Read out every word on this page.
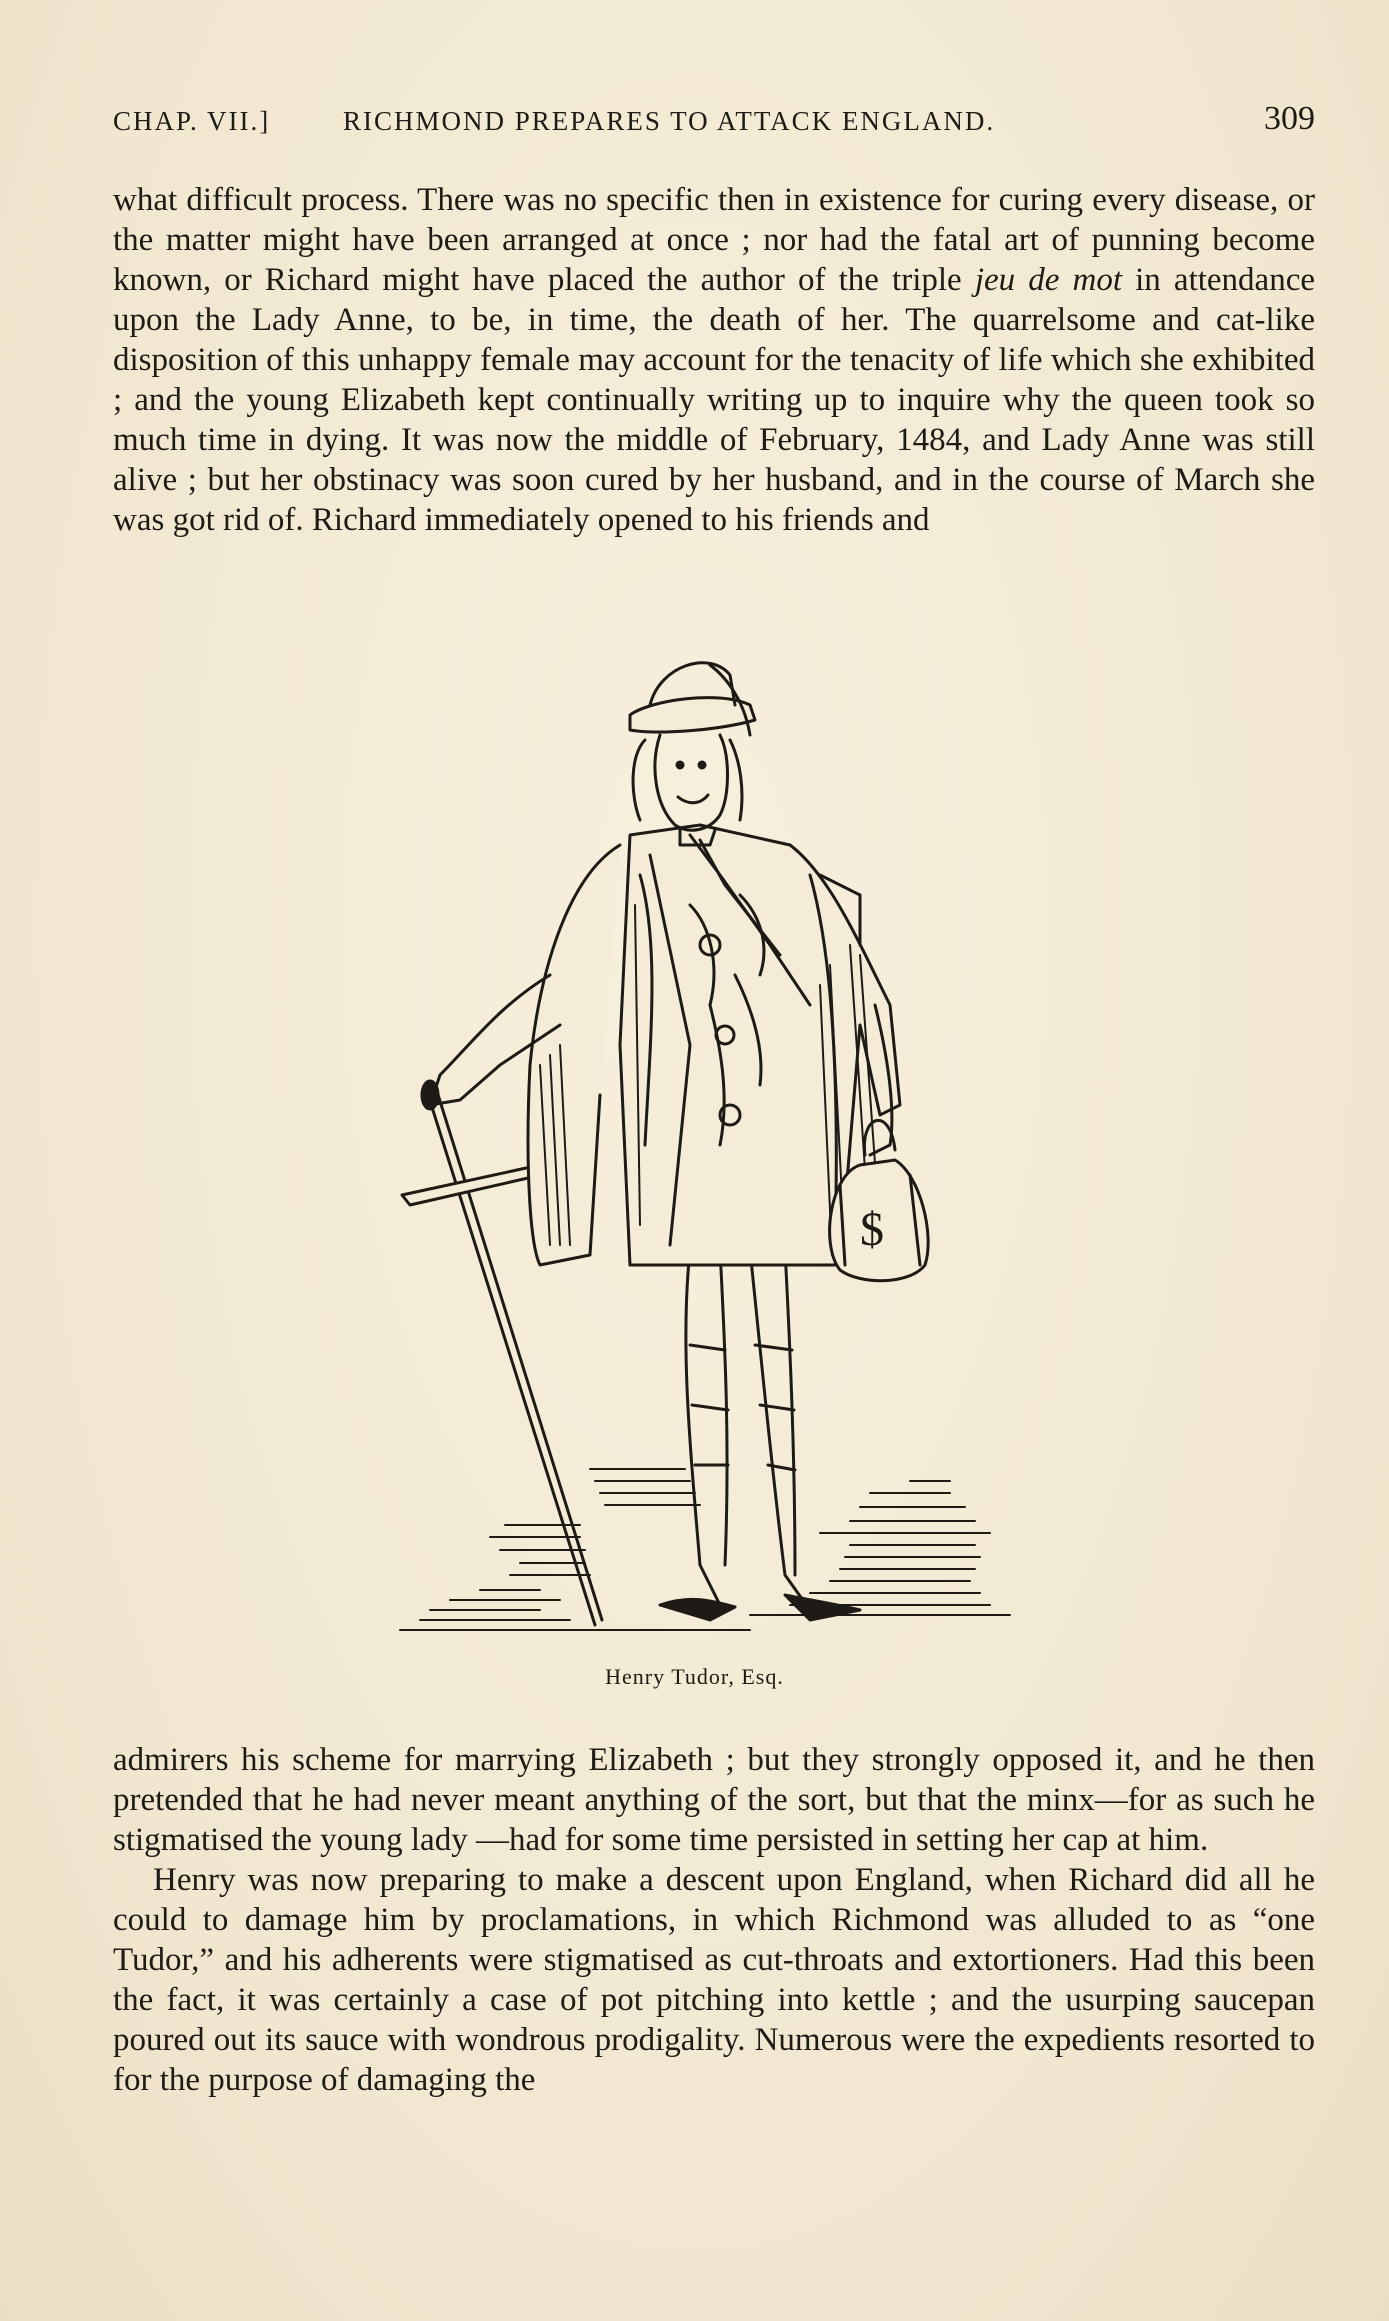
CHAP. VII.]	RICHMOND PREPARES TO ATTACK ENGLAND.	309

what difficult process. There was no specific then in existence for curing every disease, or the matter might have been arranged at once ; nor had the fatal art of punning become known, or Richard might have placed the author of the triple jeu de mot in attendance upon the Lady Anne, to be, in time, the death of her. The quarrelsome and cat-like disposition of this unhappy female may account for the tenacity of life which she exhibited ; and the young Elizabeth kept continually writing up to inquire why the queen took so much time in dying. It was now the middle of February, 1484, and Lady Anne was still alive ; but her obstinacy was soon cured by her husband, and in the course of March she was got rid of. Richard immediately opened to his friends and

$
Henry Tudor, Esq.

admirers his scheme for marrying Elizabeth ; but they strongly opposed it, and he then pretended that he had never meant anything of the sort, but that the minx—for as such he stigmatised the young lady —had for some time persisted in setting her cap at him.

Henry was now preparing to make a descent upon England, when Richard did all he could to damage him by proclamations, in which Richmond was alluded to as “one Tudor,” and his adherents were stigmatised as cut-throats and extortioners. Had this been the fact, it was certainly a case of pot pitching into kettle ; and the usurping saucepan poured out its sauce with wondrous prodigality. Numerous were the expedients resorted to for the purpose of damaging the
